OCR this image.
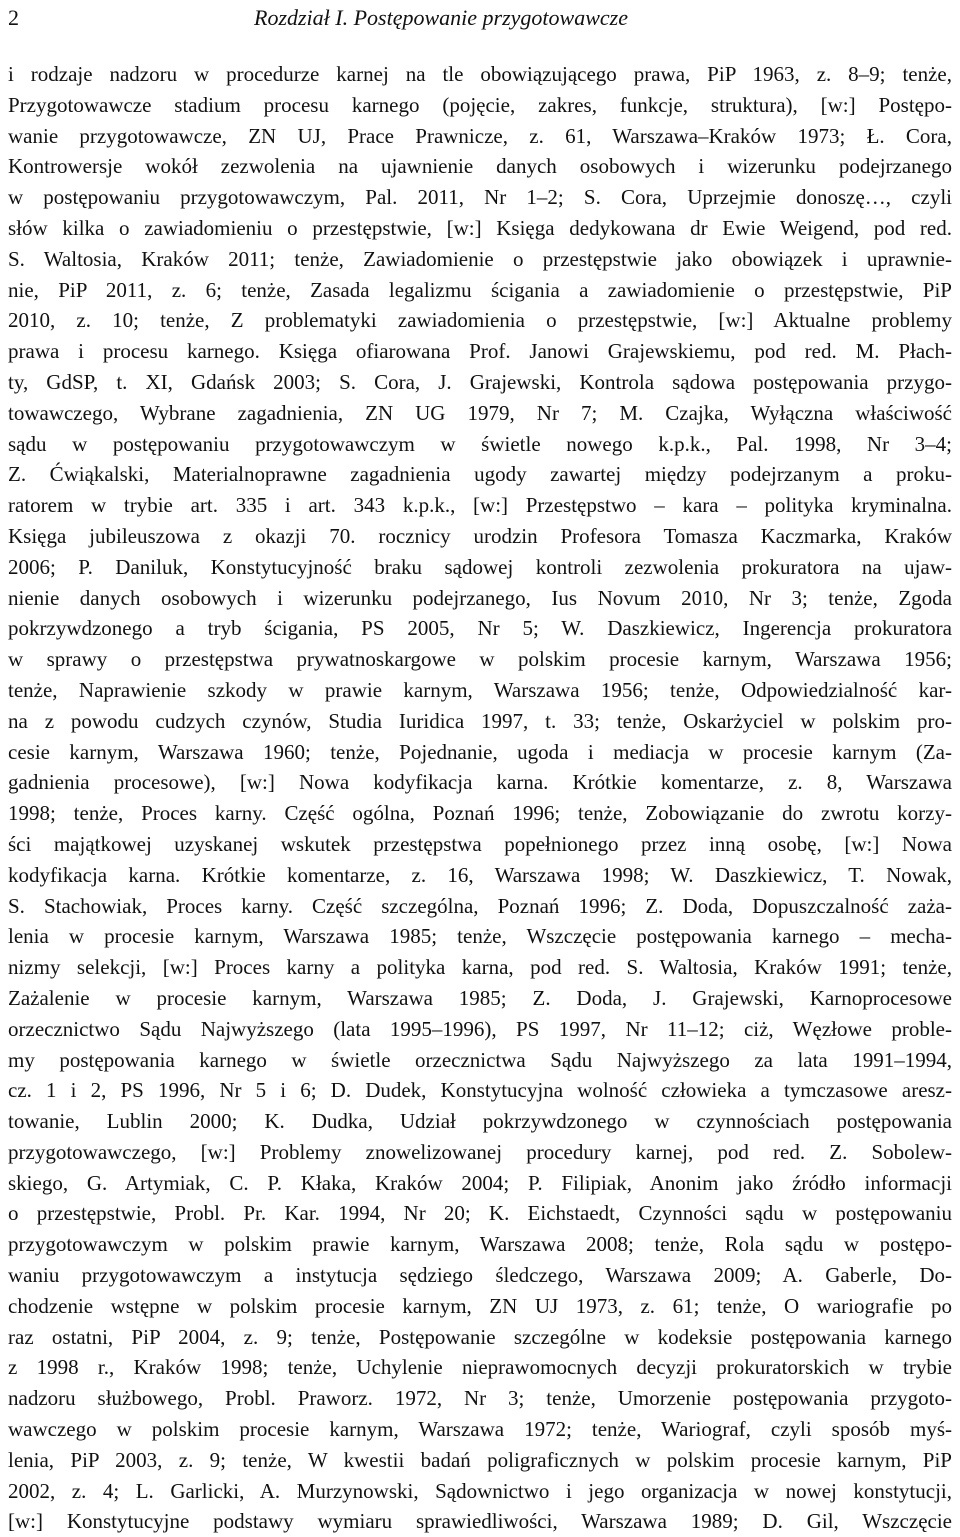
2	Rozdział I. Postępowanie przygotowawcze
i rodzaje nadzoru w procedurze karnej na tle obowiązującego prawa, PiP 1963, z. 8–9; tenże,
Przygotowawcze stadium procesu karnego (pojęcie, zakres, funkcje, struktura), [w:] Postępo-
wanie przygotowawcze, ZN UJ, Prace Prawnicze, z. 61, Warszawa–Kraków 1973; Ł. Cora,
Kontrowersje wokół zezwolenia na ujawnienie danych osobowych i wizerunku podejrzanego
w postępowaniu przygotowawczym, Pal. 2011, Nr 1–2; S. Cora, Uprzejmie donoszę…, czyli
słów kilka o zawiadomieniu o przestępstwie, [w:] Księga dedykowana dr Ewie Weigend, pod red.
S. Waltosia, Kraków 2011; tenże, Zawiadomienie o przestępstwie jako obowiązek i uprawnie-
nie, PiP 2011, z. 6; tenże, Zasada legalizmu ścigania a zawiadomienie o przestępstwie, PiP
2010, z. 10; tenże, Z problematyki zawiadomienia o przestępstwie, [w:] Aktualne problemy
prawa i procesu karnego. Księga ofiarowana Prof. Janowi Grajewskiemu, pod red. M. Płach-
ty, GdSP, t. XI, Gdańsk 2003; S. Cora, J. Grajewski, Kontrola sądowa postępowania przygo-
towawczego, Wybrane zagadnienia, ZN UG 1979, Nr 7; M. Czajka, Wyłączna właściwość
sądu w postępowaniu przygotowawczym w świetle nowego k.p.k., Pal. 1998, Nr 3–4;
Z. Ćwiąkalski, Materialnoprawne zagadnienia ugody zawartej między podejrzanym a proku-
ratorem w trybie art. 335 i art. 343 k.p.k., [w:] Przestępstwo – kara – polityka kryminalna.
Księga jubileuszowa z okazji 70. rocznicy urodzin Profesora Tomasza Kaczmarka, Kraków
2006; P. Daniluk, Konstytucyjność braku sądowej kontroli zezwolenia prokuratora na ujaw-
nienie danych osobowych i wizerunku podejrzanego, Ius Novum 2010, Nr 3; tenże, Zgoda
pokrzywdzonego a tryb ścigania, PS 2005, Nr 5; W. Daszkiewicz, Ingerencja prokuratora
w sprawy o przestępstwa prywatnoskargowe w polskim procesie karnym, Warszawa 1956;
tenże, Naprawienie szkody w prawie karnym, Warszawa 1956; tenże, Odpowiedzialność kar-
na z powodu cudzych czynów, Studia Iuridica 1997, t. 33; tenże, Oskarżyciel w polskim pro-
cesie karnym, Warszawa 1960; tenże, Pojednanie, ugoda i mediacja w procesie karnym (Za-
gadnienia procesowe), [w:] Nowa kodyfikacja karna. Krótkie komentarze, z. 8, Warszawa
1998; tenże, Proces karny. Część ogólna, Poznań 1996; tenże, Zobowiązanie do zwrotu korzy-
ści majątkowej uzyskanej wskutek przestępstwa popełnionego przez inną osobę, [w:] Nowa
kodyfikacja karna. Krótkie komentarze, z. 16, Warszawa 1998; W. Daszkiewicz, T. Nowak,
S. Stachowiak, Proces karny. Część szczególna, Poznań 1996; Z. Doda, Dopuszczalność zaża-
lenia w procesie karnym, Warszawa 1985; tenże, Wszczęcie postępowania karnego – mecha-
nizmy selekcji, [w:] Proces karny a polityka karna, pod red. S. Waltosia, Kraków 1991; tenże,
Zażalenie w procesie karnym, Warszawa 1985; Z. Doda, J. Grajewski, Karnoprocesowe
orzecznictwo Sądu Najwyższego (lata 1995–1996), PS 1997, Nr 11–12; ciż, Węzłowe proble-
my postępowania karnego w świetle orzecznictwa Sądu Najwyższego za lata 1991–1994,
cz. 1 i 2, PS 1996, Nr 5 i 6; D. Dudek, Konstytucyjna wolność człowieka a tymczasowe aresz-
towanie, Lublin 2000; K. Dudka, Udział pokrzywdzonego w czynnościach postępowania
przygotowawczego, [w:] Problemy znowelizowanej procedury karnej, pod red. Z. Sobolew-
skiego, G. Artymiak, C. P. Kłaka, Kraków 2004; P. Filipiak, Anonim jako źródło informacji
o przestępstwie, Probl. Pr. Kar. 1994, Nr 20; K. Eichstaedt, Czynności sądu w postępowaniu
przygotowawczym w polskim prawie karnym, Warszawa 2008; tenże, Rola sądu w postępo-
waniu przygotowawczym a instytucja sędziego śledczego, Warszawa 2009; A. Gaberle, Do-
chodzenie wstępne w polskim procesie karnym, ZN UJ 1973, z. 61; tenże, O wariografie po
raz ostatni, PiP 2004, z. 9; tenże, Postępowanie szczególne w kodeksie postępowania karnego
z 1998 r., Kraków 1998; tenże, Uchylenie nieprawomocnych decyzji prokuratorskich w trybie
nadzoru służbowego, Probl. Praworz. 1972, Nr 3; tenże, Umorzenie postępowania przygoto-
wawczego w polskim procesie karnym, Warszawa 1972; tenże, Wariograf, czyli sposób myś-
lenia, PiP 2003, z. 9; tenże, W kwestii badań poligraficznych w polskim procesie karnym, PiP
2002, z. 4; L. Garlicki, A. Murzynowski, Sądownictwo i jego organizacja w nowej konstytucji,
[w:] Konstytucyjne podstawy wymiaru sprawiedliwości, Warszawa 1989; D. Gil, Wszczęcie
